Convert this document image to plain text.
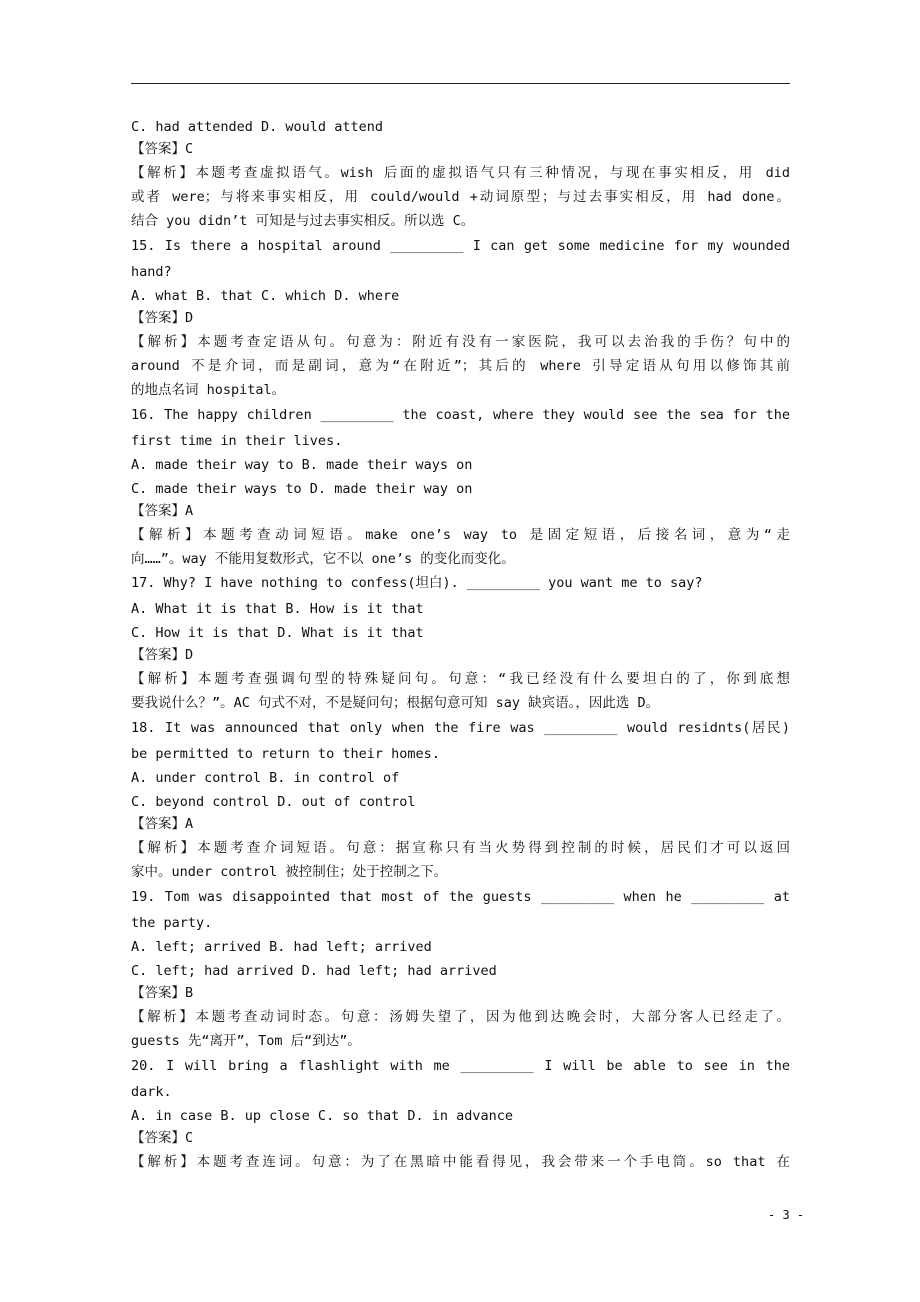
C. had attended D. would attend
【答案】C
【解析】本题考查虚拟语气。wish 后面的虚拟语气只有三种情况，与现在事实相反，用 did
或者 were；与将来事实相反，用 could/would +动词原型；与过去事实相反，用 had done。
结合 you didn’t 可知是与过去事实相反。所以选 C。
15. Is there a hospital around _________ I can get some medicine for my wounded
hand?
A. what B. that C. which D. where
【答案】D
【解析】本题考查定语从句。句意为：附近有没有一家医院，我可以去治我的手伤？句中的
around 不是介词，而是副词，意为“在附近”；其后的 where 引导定语从句用以修饰其前
的地点名词 hospital。
16. The happy children _________ the coast, where they would see the sea for the
first time in their lives.
A. made their way to B. made their ways on
C. made their ways to D. made their way on
【答案】A
【解析】本题考查动词短语。make one’s way to 是固定短语，后接名词，意为“走
向……”。way 不能用复数形式，它不以 one’s 的变化而变化。
17. Why? I have nothing to confess(坦白). _________ you want me to say?
A. What it is that B. How is it that
C. How it is that D. What is it that
【答案】D
【解析】本题考查强调句型的特殊疑问句。句意：“我已经没有什么要坦白的了，你到底想
要我说什么？”。AC 句式不对，不是疑问句；根据句意可知 say 缺宾语。，因此选 D。
18. It was announced that only when the fire was _________ would residnts(居民)
be permitted to return to their homes.
A. under control B. in control of
C. beyond control D. out of control
【答案】A
【解析】本题考查介词短语。句意：据宣称只有当火势得到控制的时候，居民们才可以返回
家中。under control 被控制住；处于控制之下。
19. Tom was disappointed that most of the guests _________ when he _________ at
the party.
A. left; arrived B. had left; arrived
C. left; had arrived D. had left; had arrived
【答案】B
【解析】本题考查动词时态。句意：汤姆失望了，因为他到达晚会时，大部分客人已经走了。
guests 先“离开”，Tom 后“到达”。
20. I will bring a flashlight with me _________ I will be able to see in the
dark.
A. in case B. up close C. so that D. in advance
【答案】C
【解析】本题考查连词。句意：为了在黑暗中能看得见，我会带来一个手电筒。so that 在
- 3 -
